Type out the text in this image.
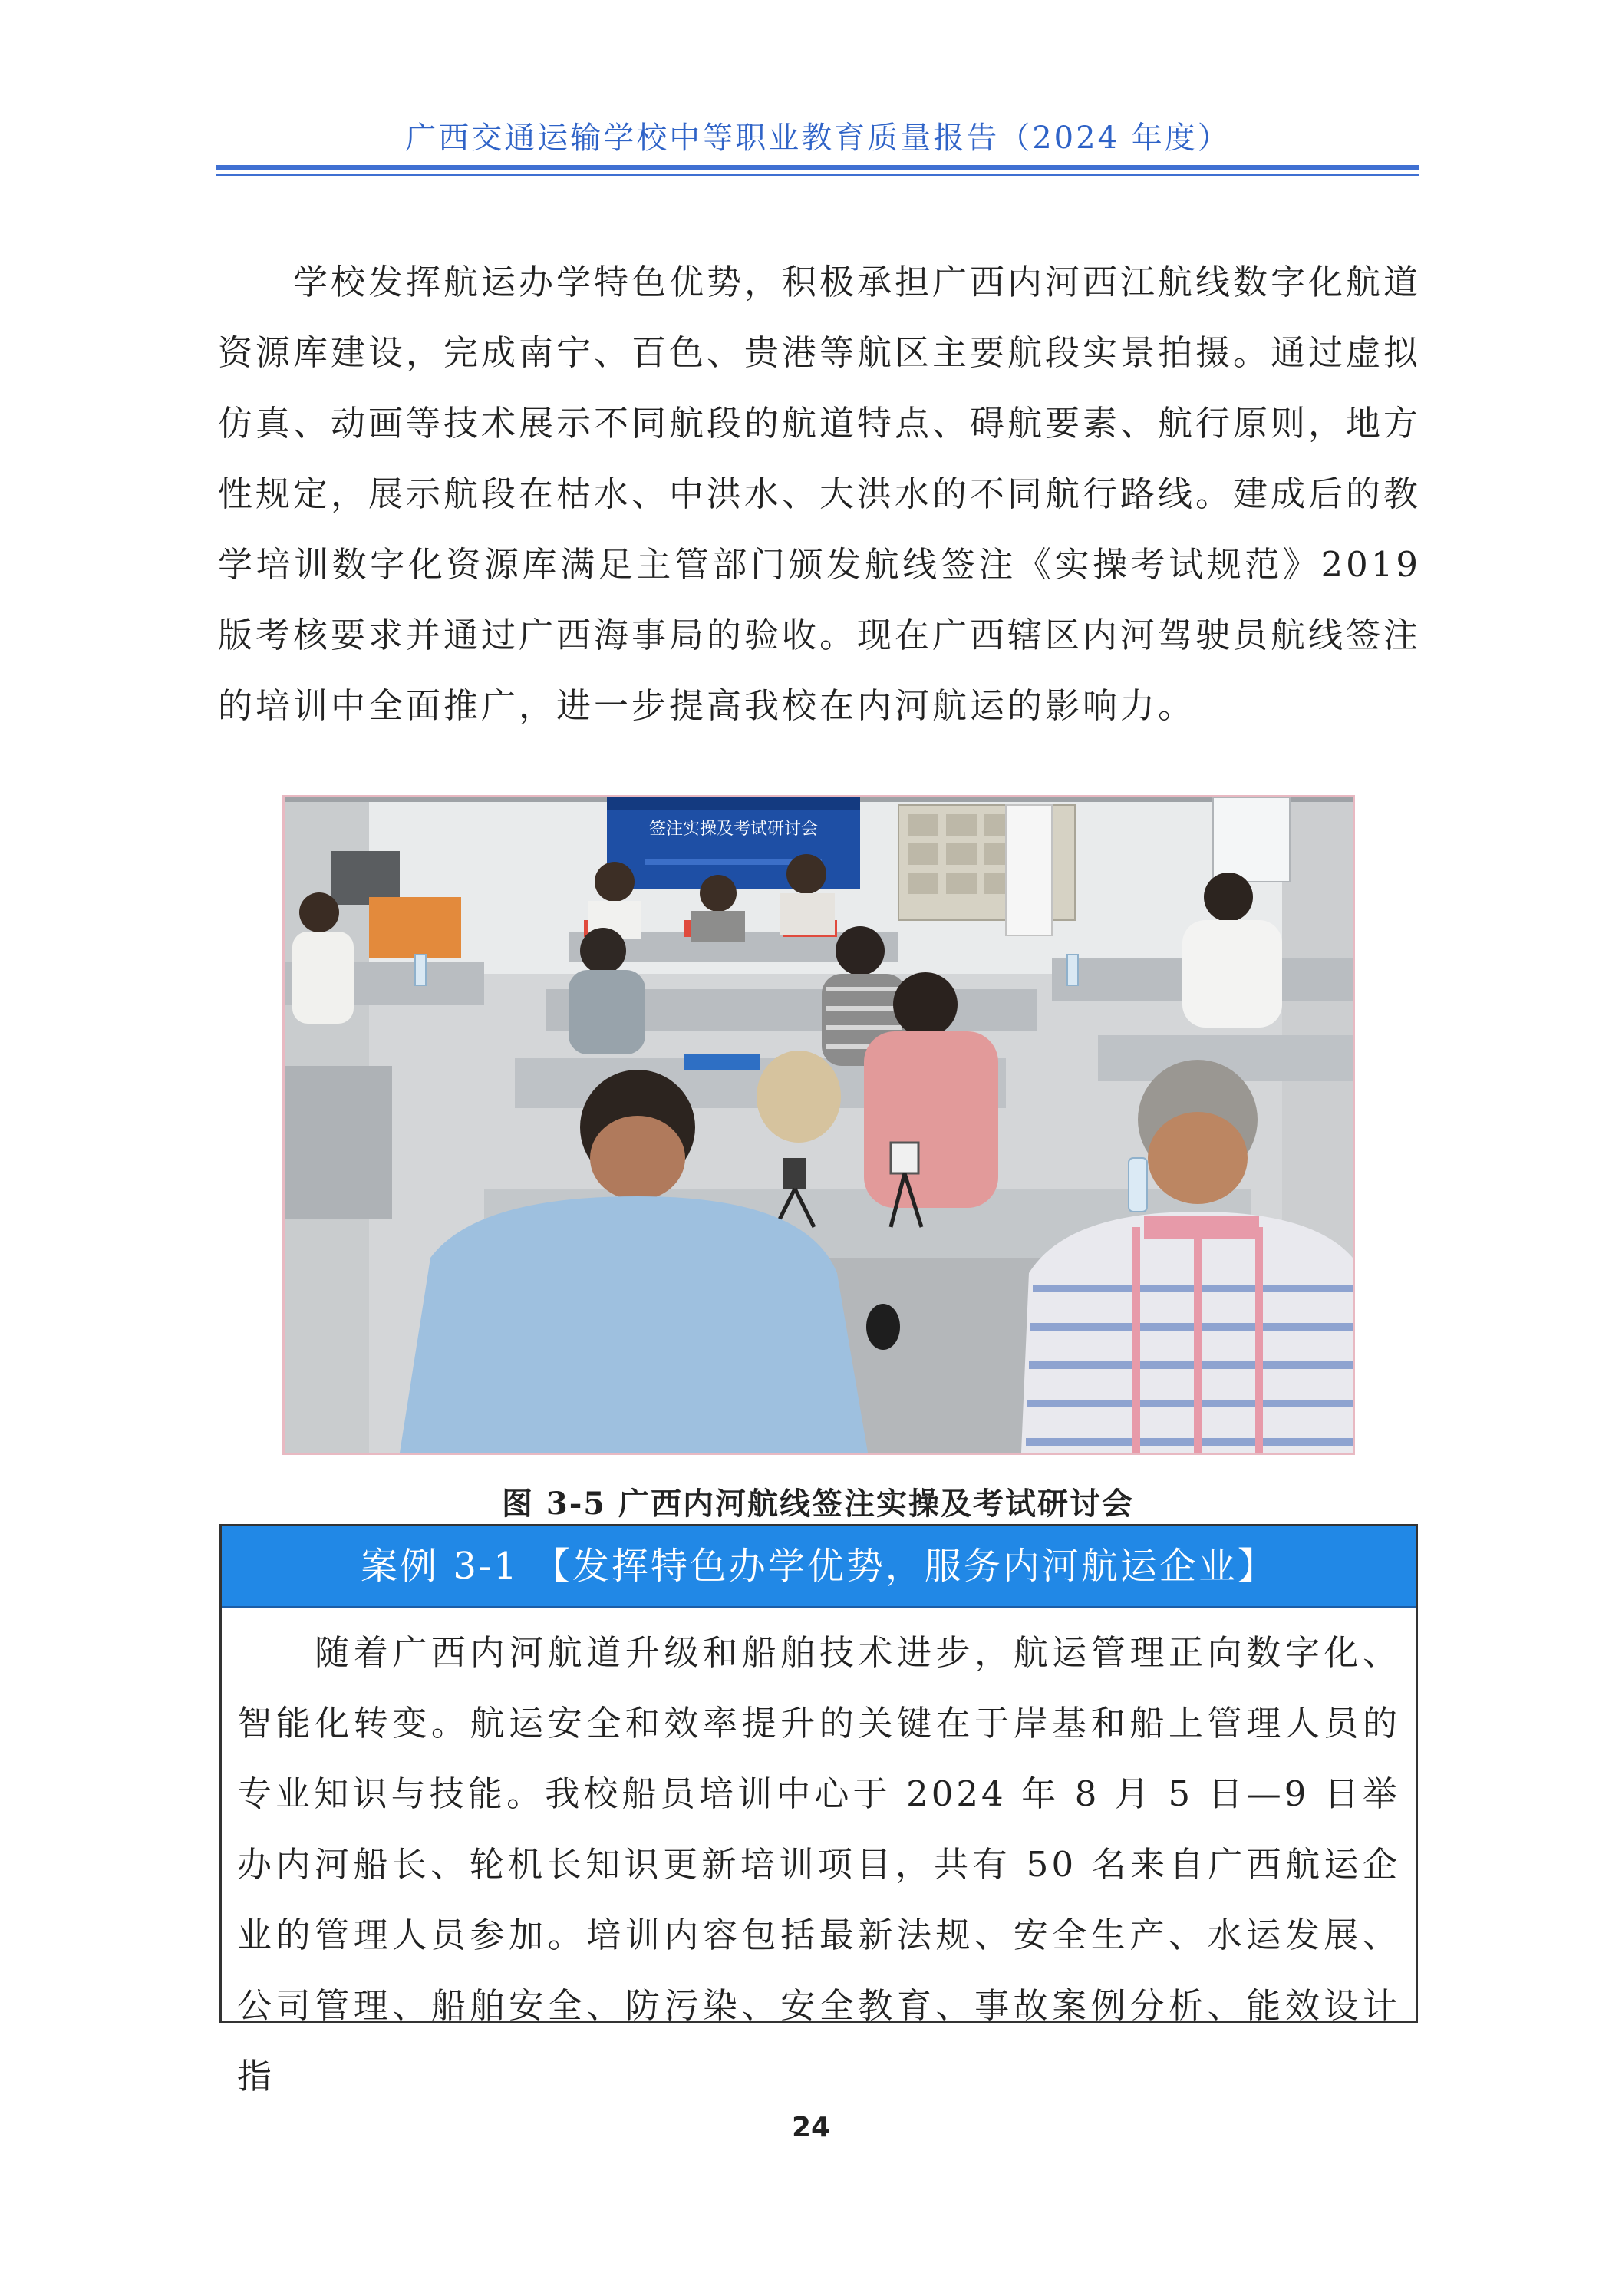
广西交通运输学校中等职业教育质量报告（2024 年度）

　　学校发挥航运办学特色优势，积极承担广西内河西江航线数字化航道资源库建设，完成南宁、百色、贵港等航区主要航段实景拍摄。通过虚拟仿真、动画等技术展示不同航段的航道特点、碍航要素、航行原则，地方性规定，展示航段在枯水、中洪水、大洪水的不同航行路线。建成后的教学培训数字化资源库满足主管部门颁发航线签注《实操考试规范》2019 版考核要求并通过广西海事局的验收。现在广西辖区内河驾驶员航线签注的培训中全面推广，进一步提高我校在内河航运的影响力。

签注实操及考试研讨会
图 3-5 广西内河航线签注实操及考试研讨会
案例 3-1 【发挥特色办学优势，服务内河航运企业】

　　随着广西内河航道升级和船舶技术进步，航运管理正向数字化、智能化转变。航运安全和效率提升的关键在于岸基和船上管理人员的专业知识与技能。我校船员培训中心于 2024 年 8 月 5 日—9 日举办内河船长、轮机长知识更新培训项目，共有 50 名来自广西航运企业的管理人员参加。培训内容包括最新法规、安全生产、水运发展、公司管理、船舶安全、防污染、安全教育、事故案例分析、能效设计指

24
